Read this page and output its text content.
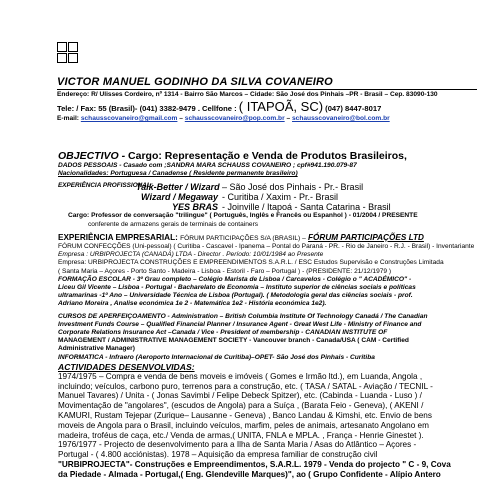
VICTOR MANUEL GODINHO DA SILVA COVANEIRO
Endereço: R/ Ulisses Cordeiro, nº 1314 - Bairro São Marcos – Cidade: São José dos Pinhais –PR - Brasil – Cep. 83090-130
Tele: / Fax: 55 (Brasil)- (041) 3382-9479 . Cellfone : ( ITAPOÃ, SC) (047) 8447-8017
E-mail: schausscovaneiro@gmail.com – schausscovaneiro@pop.com.br – schausscovaneiro@bol.com.br
OBJECTIVO - Cargo: Representação e Venda de Produtos Brasileiros,
DADOS PESSOAIS - Casado com ;SANDRA MARA SCHAUSS COVANEIRO ; cpf#941.190.079-87
Nacionalidades: Portuguesa / Canadense ( Residente permanente brasileiro)
EXPERIÊNCIA PROFISSIONAL:
Talk-Better / Wizard – São José dos Pinhais - Pr.- Brasil
Wizard / Megaway - Curitiba / Xaxim - Pr.- Brasil
YES BRAS - Joinville / Itapoá - Santa Catarina - Brasil
Cargo: Professor de conversação "trilingue" ( Português, Inglês e Francês ou Espanhol ) - 01/2004 / PRESENTE
conferente de armazens gerais de terminais de containers
EXPERIÊNCIA EMPRESARIAL: FÓRUM PARTICIPAÇÕES S/A (BRASIL) – FÓRUM PARTICIPAÇÕES LTD
FÓRUM CONFECÇÕES (Uni-pessoal) ( Curitiba - Cascavel - Ipanema – Pontal do Paraná - PR. - Rio de Janeiro - R.J. - Brasil) - Inventariante
Empresa : URBIPROJECTA (CANADÁ) LTDA - Director . Período: 10/01/1984 ao Presente
Empresa: URBIPROJECTA CONSTRUÇÕES E EMPREENDIMENTOS S.A.R.L. / ESC Estudos Supervisão e Construções Limitada
( Santa Maria – Açores - Porto Santo - Madeira - Lisboa - Estoril - Faro – Portugal ) - (PRESIDENTE: 21/12/1979 )
FORMAÇÃO ESCOLAR - 3º Grau completo – Colégio Marista de Lisboa / Carcavelos - Colégio o " ACADÉMICO" -
Liceu Gil Vicente – Lisboa - Portugal - Bacharelato de Economia – Instituto superior de ciências sociais e políticas
ultramarinas -1º Ano – Universidade Técnica de Lisboa (Portugal). ( Metodologia geral das ciências sociais - prof.
Adriano Moreira , Analise económica 1e 2 - Matemática 1e2 - História económica 1e2).
CURSOS DE APERFEIÇOAMENTO - Administration – British Columbia Institute Of Technology Canadá / The Canadian
Investment Funds Course – Qualified Financial Planner / Insurance Agent - Great West Life - Ministry of Finance and
Corporate Relations Insurance Act –Canada / Vice - President of membership - CANADIAN INSTITUTE OF
MANAGEMENT / ADMINISTRATIVE MANAGEMENT SOCIETY - Vancouver branch - Canada/USA ( CAM - Certified
Administrative Manager)
INFORMATICA - Infraero (Aeroporto Internacional de Curitiba)–OPET- São José dos Pinhais - Curitiba
ACTIVIDADES DESENVOLVIDAS:
1974/1975 – Compra e venda de bens moveis e imóveis ( Gomes e Irmão ltd.), em Luanda, Angola ,
incluindo; veículos, carbono puro, terrenos para a construção, etc. ( TASA / SATAL - Aviação / TECNIL -
Manuel Tavares) / Unita - ( Jonas Savimbi / Felipe Debeck Spitzer), etc. (Cabinda - Luanda - Luso ) /
Movimentação de "angolares", (escudos de Angola) para a Suíça , (Barata Feio - Geneva), ( AKENI /
KAMURI, Rustam Tejepar (Zurique– Lausanne - Geneva) , Banco Landau & Kimshi, etc. Envio de bens
moveis de Angola para o Brasil, incluindo veículos, marfim, peles de animais, artesanato Angolano em
madeira, troféus de caça, etc./ Venda de armas,( UNITA, FNLA e MPLA. , França - Henrie Ginestet ).
1976/1977 - Projecto de desenvolvimento para a Ilha de Santa Maria / Asas do Atlântico – Açores -
Portugal - ( 4.800 acciónistas). 1978 – Aquisição da empresa familiar de construção civil
"URBIPROJECTA"- Construções e Empreendimentos, S.A.R.L. 1979 - Venda do projecto " C - 9, Cova
da Piedade - Almada - Portugal,( Eng. Glendeville Marques)", ao ( Grupo Confidente - Alípio Antero
